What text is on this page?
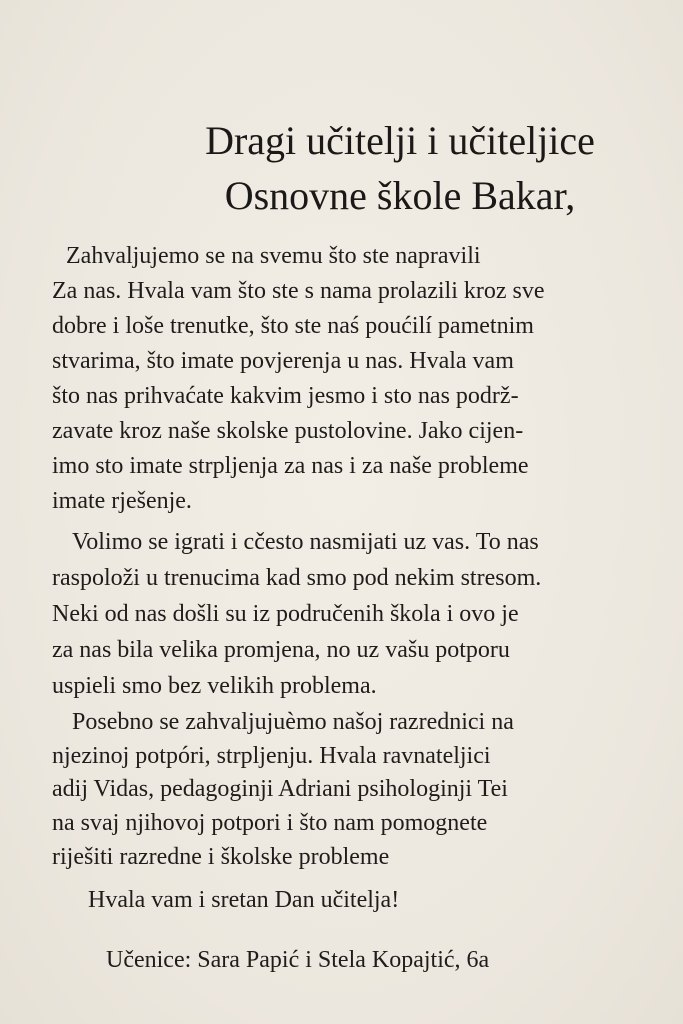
Dragi učitelji i učiteljice
Osnovne škole Bakar,
Zahvaljujemo se na svemu što ste napravili
Za nas. Hvala vam što ste s nama prolazili kroz sve
dobre i loše trenutke, što ste naś poućilí pametnim
stvarima, što imate povjerenja u nas. Hvala vam
što nas prihvaćate kakvim jesmo i sto nas podrž-
zavate kroz naše skolske pustolovine. Jako cijen-
imo sto imate strpljenja za nas i za naše probleme
imate rješenje.
Volimo se igrati i cčesto nasmijati uz vas. To nas
raspoloži u trenucima kad smo pod nekim stresom.
Neki od nas došli su iz područenih škola i ovo je
za nas bila velika promjena, no uz vašu potporu
uspieli smo bez velikih problema.
Posebno se zahvaljujuèmo našoj razrednici na
njezinoj potpóri, strpljenju. Hvala ravnateljici
adij Vidas, pedagoginji Adriani psihologinji Tei
na svaj njihovoj potpori i što nam pomognete
riješiti razredne i školske probleme
Hvala vam i sretan Dan učitelja!
Učenice: Sara Papić i Stela Kopajtić, 6a
